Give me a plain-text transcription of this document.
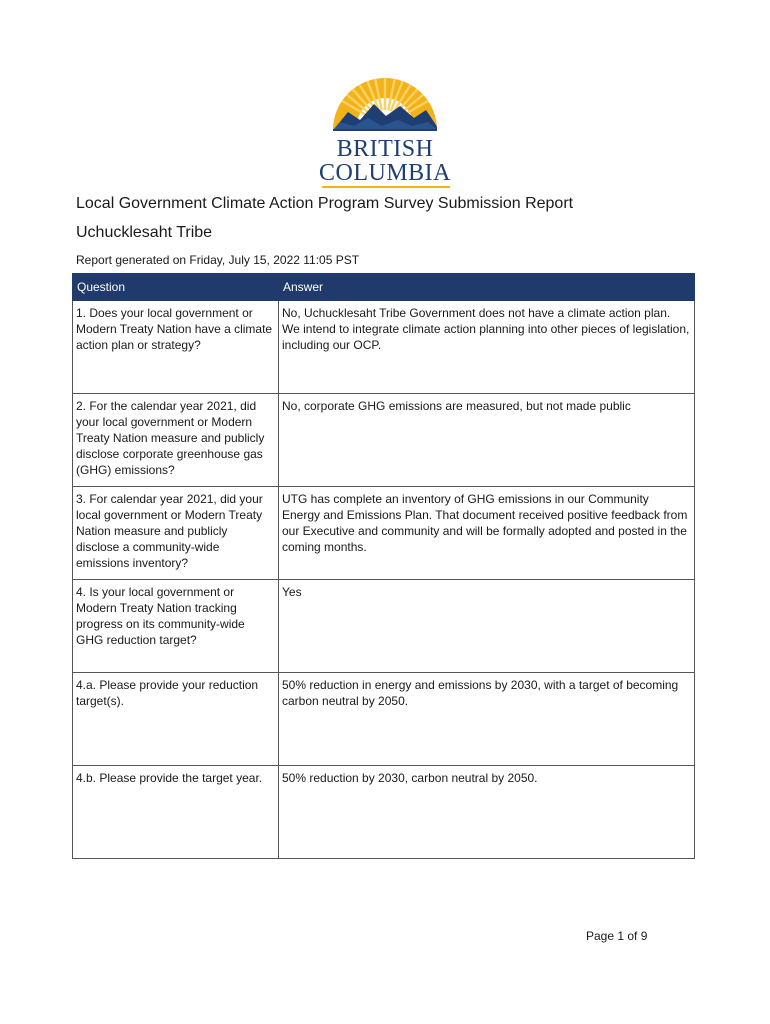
BRITISH
COLUMBIA
Local Government Climate Action Program Survey Submission Report
Uchucklesaht Tribe
Report generated on Friday, July 15, 2022 11:05 PST
Question	Answer
1. Does your local government or Modern Treaty Nation have a climate action plan or strategy?	No, Uchucklesaht Tribe Government does not have a climate action plan. We intend to integrate climate action planning into other pieces of legislation, including our OCP.
2. For the calendar year 2021, did your local government or Modern Treaty Nation measure and publicly disclose corporate greenhouse gas (GHG) emissions?	No, corporate GHG emissions are measured, but not made public
3. For calendar year 2021, did your local government or Modern Treaty Nation measure and publicly disclose a community-wide emissions inventory?	UTG has complete an inventory of GHG emissions in our Community Energy and Emissions Plan. That document received positive feedback from our Executive and community and will be formally adopted and posted in the coming months.
4. Is your local government or Modern Treaty Nation tracking progress on its community-wide GHG reduction target?	Yes
4.a. Please provide your reduction target(s).	50% reduction in energy and emissions by 2030, with a target of becoming carbon neutral by 2050.
4.b. Please provide the target year.	50% reduction by 2030, carbon neutral by 2050.
Page 1 of 9
